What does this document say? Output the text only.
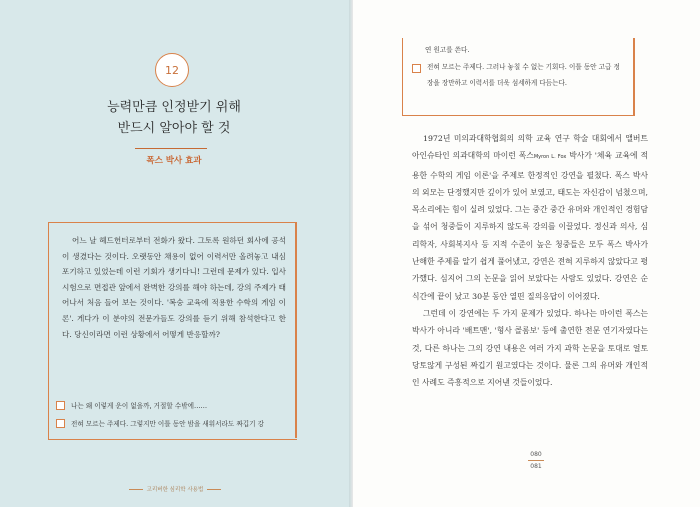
12
능력만큼 인정받기 위해
반드시 알아야 할 것
폭스 박사 효과
어느 날 헤드헌터로부터 전화가 왔다. 그토록 원하던 회사에 공석이 생겼다는 것이다. 오랫동안 채용이 없어 이력서만 올려놓고 내심 포기하고 있었는데 이런 기회가 생기다니! 그런데 문제가 있다. 입사 시험으로 면접관 앞에서 완벽한 강의를 해야 하는데, 강의 주제가 태어나서 처음 들어 보는 것이다. '복숭 교육에 적용한 수학의 게임 이론'. 게다가 이 분야의 전문가들도 강의를 듣기 위해 참석한다고 한다. 당신이라면 이런 상황에서 어떻게 반응할까?
나는 왜 이렇게 운이 없을까, 거절할 수밖에……
전혀 모르는 주제다. 그렇지만 이틀 동안 밤을 새워서라도 짜깁기 강
고리버한 심리학 사용법
연 원고를 쓴다.
전혀 모르는 주제다. 그러나 놓칠 수 없는 기회다. 이틀 동안 고급 정
장을 장만하고 이력서를 더욱 섬세하게 다듬는다.

1972년 미의과대학협회의 의학 교육 연구 학술 대회에서 앨버트 아인슈타인 의과대학의 마이런 폭스Myron L. Fox 박사가 '체육 교육에 적용한 수학의 게임 이론'을 주제로 한정적인 강연을 펼쳤다. 폭스 박사의 외모는 단정했지만 깊이가 있어 보였고, 태도는 자신감이 넘쳤으며, 목소리에는 힘이 실려 있었다. 그는 중간 중간 유머와 개인적인 경험담을 섞어 청중들이 지루하지 않도록 강의를 이끌었다. 정신과 의사, 심리학자, 사회복지사 등 지적 수준이 높은 청중들은 모두 폭스 박사가 난해한 주제를 알기 쉽게 풀어냈고, 강연은 전혀 지루하지 않았다고 평가했다. 심지어 그의 논문을 읽어 보았다는 사람도 있었다. 강연은 순식간에 끝이 났고 30분 동안 열띤 질의응답이 이어졌다.

그런데 이 강연에는 두 가지 문제가 있었다. 하나는 마이런 폭스는 박사가 아니라 '배트맨', '형사 콜롬보' 등에 출연한 전문 연기자였다는 것, 다른 하나는 그의 강연 내용은 여러 가지 과학 논문을 토대로 얼토당토않게 구성된 짜깁기 원고였다는 것이다. 물론 그의 유머와 개인적인 사례도 즉흥적으로 지어낸 것들이었다.

080
081
